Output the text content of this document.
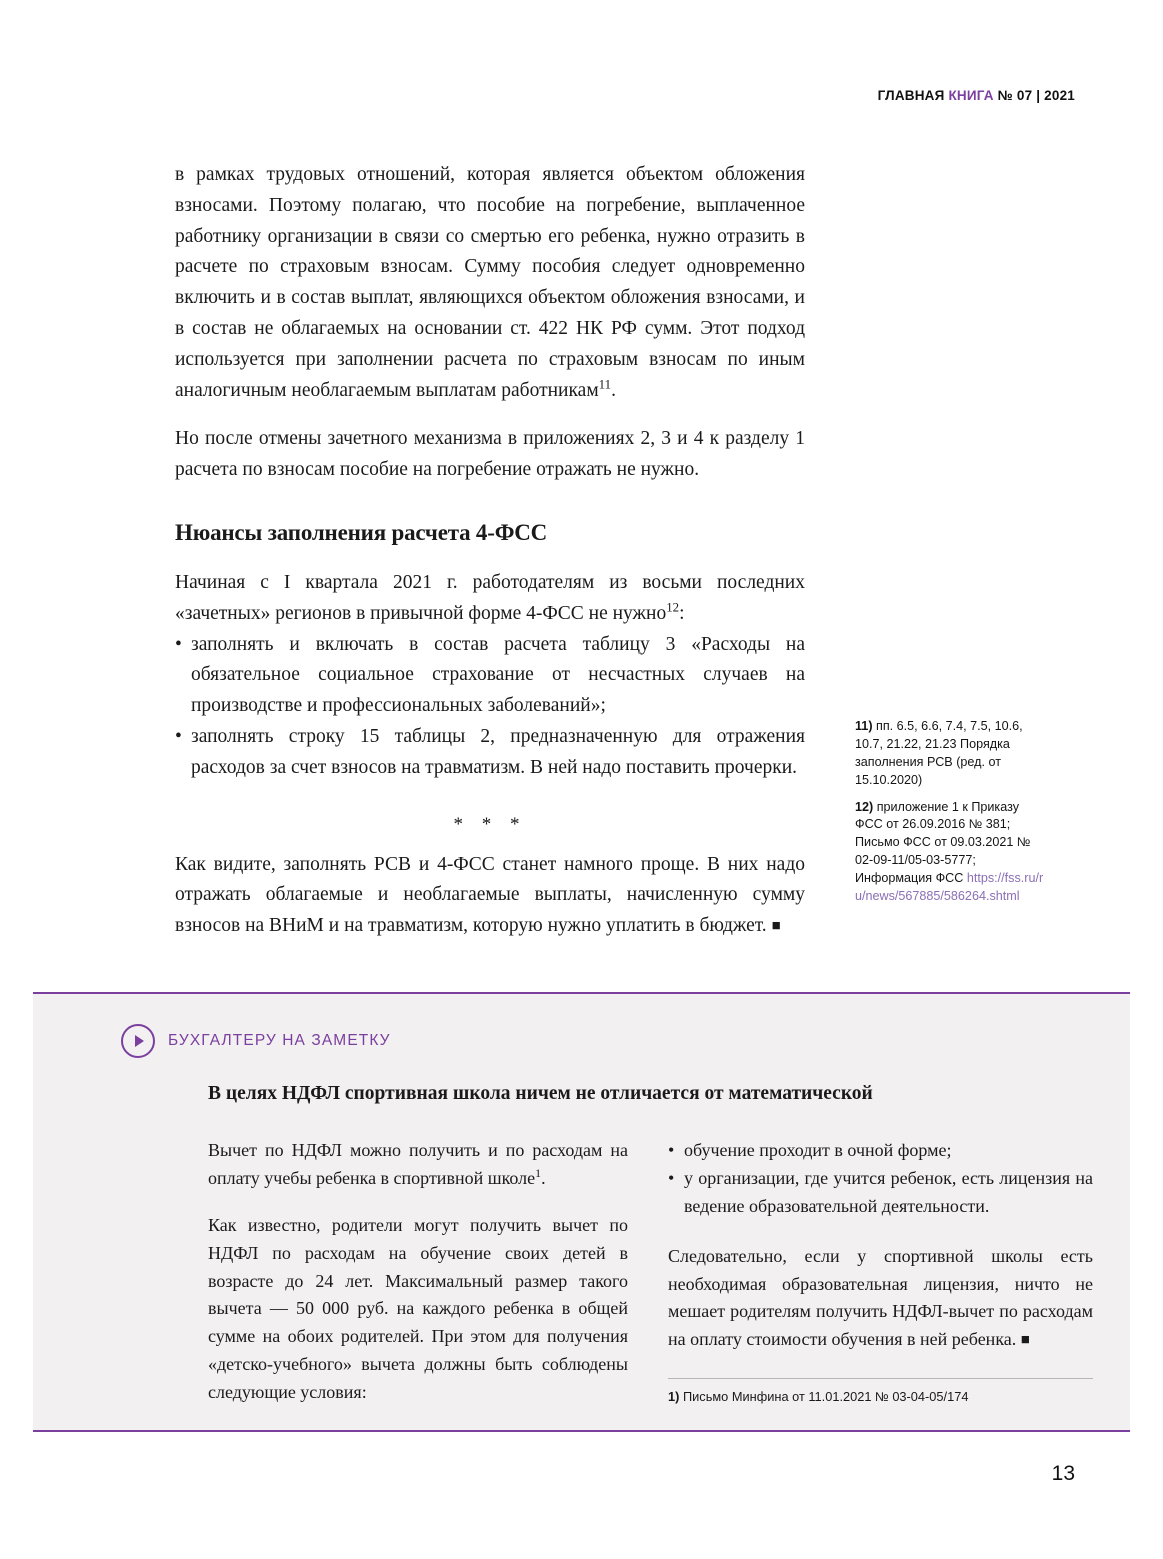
ГЛАВНАЯ КНИГА № 07 | 2021

в рамках трудовых отношений, которая является объектом обложения взносами. Поэтому полагаю, что пособие на погребение, выплаченное работнику организации в связи со смертью его ребенка, нужно отразить в расчете по страховым взносам. Сумму пособия следует одновременно включить и в состав выплат, являющихся объектом обложения взносами, и в состав не облагаемых на основании ст. 422 НК РФ сумм. Этот подход используется при заполнении расчета по страховым взносам по иным аналогичным необлагаемым выплатам работникам$^{11}$.

Но после отмены зачетного механизма в приложениях 2, 3 и 4 к разделу 1 расчета по взносам пособие на погребение отражать не нужно.

Нюансы заполнения расчета 4-ФСС

Начиная с I квартала 2021 г. работодателям из восьми последних «зачетных» регионов в привычной форме 4-ФСС не нужно$^{12}$:

• заполнять и включать в состав расчета таблицу 3 «Расходы на обязательное социальное страхование от несчастных случаев на производстве и профессиональных заболеваний»;
• заполнять строку 15 таблицы 2, предназначенную для отражения расходов за счет взносов на травматизм. В ней надо поставить прочерки.
* * *

Как видите, заполнять РСВ и 4-ФСС станет намного проще. В них надо отражать облагаемые и необлагаемые выплаты, начисленную сумму взносов на ВНиМ и на травматизм, которую нужно уплатить в бюджет. ■

11) пп. 6.5, 6.6, 7.4, 7.5, 10.6, 10.7, 21.22, 21.23 Порядка заполнения РСВ (ред. от 15.10.2020)
12) приложение 1 к Приказу ФСС от 26.09.2016 № 381; Письмо ФСС от 09.03.2021 № 02-09-11/05-03-5777; Информация ФСС https://fss.ru/ru/news/567885/586264.shtml
БУХГАЛТЕРУ НА ЗАМЕТКУ
В целях НДФЛ спортивная школа ничем не отличается от математической

Вычет по НДФЛ можно получить и по расходам на оплату учебы ребенка в спортивной школе$^1$.

Как известно, родители могут получить вычет по НДФЛ по расходам на обучение своих детей в возрасте до 24 лет. Максимальный размер такого вычета — 50 000 руб. на каждого ребенка в общей сумме на обоих родителей. При этом для получения «детско-учебного» вычета должны быть соблюдены следующие условия:

• обучение проходит в очной форме;
• у организации, где учится ребенок, есть лицензия на ведение образовательной деятельности.

Следовательно, если у спортивной школы есть необходимая образовательная лицензия, ничто не мешает родителям получить НДФЛ-вычет по расходам на оплату стоимости обучения в ней ребенка. ■

1) Письмо Минфина от 11.01.2021 № 03-04-05/174
13
